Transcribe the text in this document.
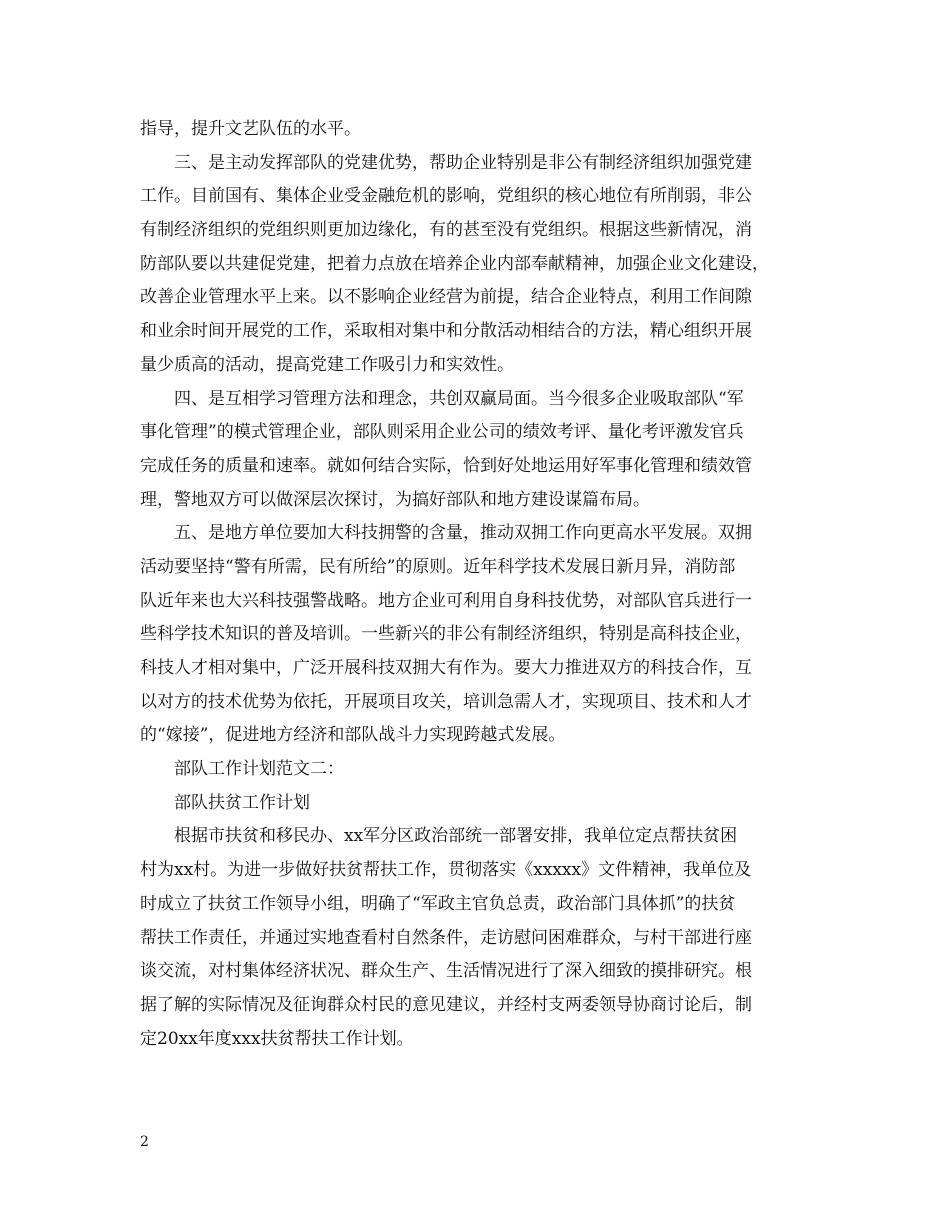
指导，提升文艺队伍的水平。
三、是主动发挥部队的党建优势，帮助企业特别是非公有制经济组织加强党建
工作。目前国有、集体企业受金融危机的影响，党组织的核心地位有所削弱，非公
有制经济组织的党组织则更加边缘化，有的甚至没有党组织。根据这些新情况，消
防部队要以共建促党建，把着力点放在培养企业内部奉献精神，加强企业文化建设，
改善企业管理水平上来。以不影响企业经营为前提，结合企业特点，利用工作间隙
和业余时间开展党的工作，采取相对集中和分散活动相结合的方法，精心组织开展
量少质高的活动，提高党建工作吸引力和实效性。
四、是互相学习管理方法和理念，共创双赢局面。当今很多企业吸取部队“军
事化管理”的模式管理企业，部队则采用企业公司的绩效考评、量化考评激发官兵
完成任务的质量和速率。就如何结合实际，恰到好处地运用好军事化管理和绩效管
理，警地双方可以做深层次探讨，为搞好部队和地方建设谋篇布局。
五、是地方单位要加大科技拥警的含量，推动双拥工作向更高水平发展。双拥
活动要坚持“警有所需，民有所给”的原则。近年科学技术发展日新月异，消防部
队近年来也大兴科技强警战略。地方企业可利用自身科技优势，对部队官兵进行一
些科学技术知识的普及培训。一些新兴的非公有制经济组织，特别是高科技企业，
科技人才相对集中，广泛开展科技双拥大有作为。要大力推进双方的科技合作，互
以对方的技术优势为依托，开展项目攻关，培训急需人才，实现项目、技术和人才
的“嫁接”，促进地方经济和部队战斗力实现跨越式发展。
部队工作计划范文二：
部队扶贫工作计划
根据市扶贫和移民办、xx军分区政治部统一部署安排，我单位定点帮扶贫困
村为xx村。为进一步做好扶贫帮扶工作，贯彻落实《xxxxx》文件精神，我单位及
时成立了扶贫工作领导小组，明确了“军政主官负总责，政治部门具体抓”的扶贫
帮扶工作责任，并通过实地查看村自然条件，走访慰问困难群众，与村干部进行座
谈交流，对村集体经济状况、群众生产、生活情况进行了深入细致的摸排研究。根
据了解的实际情况及征询群众村民的意见建议，并经村支两委领导协商讨论后，制
定20xx年度xxx扶贫帮扶工作计划。
2
